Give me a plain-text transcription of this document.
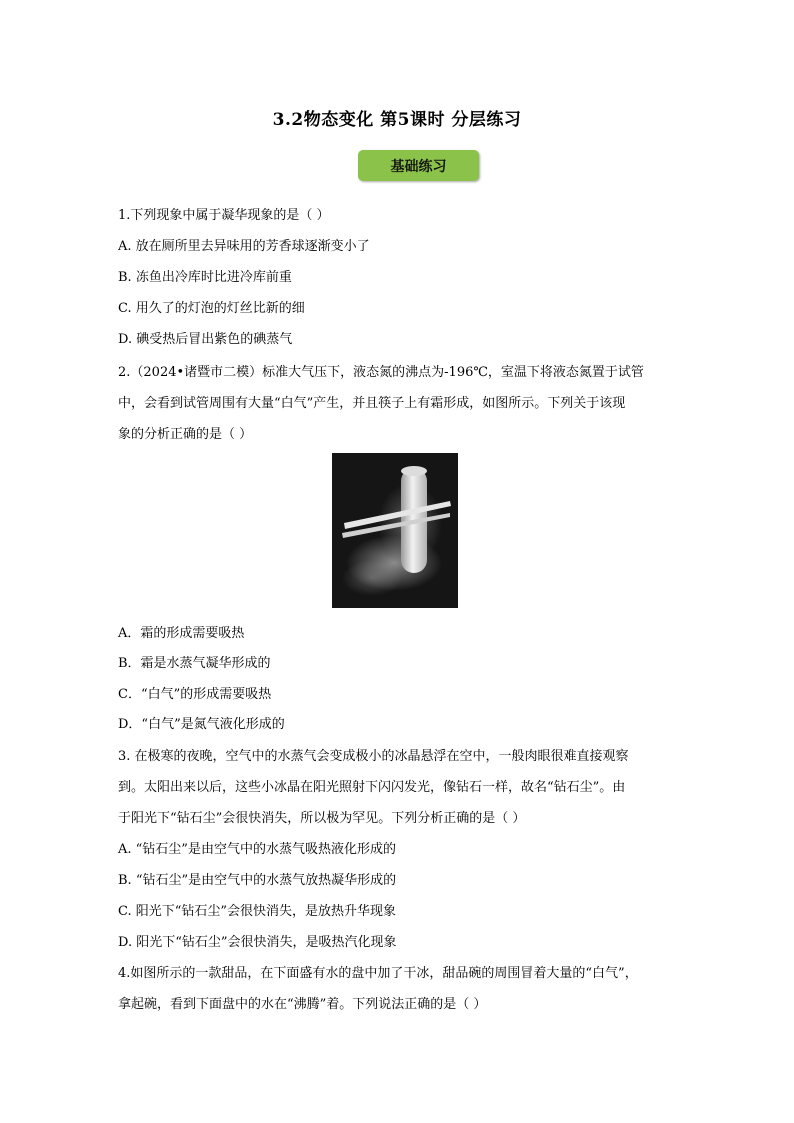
3.2物态变化 第5课时 分层练习
基础练习
1.下列现象中属于凝华现象的是（ ）
A. 放在厕所里去异味用的芳香球逐渐变小了
B. 冻鱼出冷库时比进冷库前重
C. 用久了的灯泡的灯丝比新的细
D. 碘受热后冒出紫色的碘蒸气
2.（2024•诸暨市二模）标准大气压下，液态氮的沸点为-196℃，室温下将液态氮置于试管
中，会看到试管周围有大量“白气”产生，并且筷子上有霜形成，如图所示。下列关于该现
象的分析正确的是（ ）
A．霜的形成需要吸热
B．霜是水蒸气凝华形成的
C．“白气”的形成需要吸热
D．“白气”是氮气液化形成的
3. 在极寒的夜晚，空气中的水蒸气会变成极小的冰晶悬浮在空中，一般肉眼很难直接观察
到。太阳出来以后，这些小冰晶在阳光照射下闪闪发光，像钻石一样，故名“钻石尘”。由
于阳光下“钻石尘”会很快消失，所以极为罕见。下列分析正确的是（ ）
A. “钻石尘”是由空气中的水蒸气吸热液化形成的
B. “钻石尘”是由空气中的水蒸气放热凝华形成的
C. 阳光下“钻石尘”会很快消失，是放热升华现象
D. 阳光下“钻石尘”会很快消失，是吸热汽化现象
4.如图所示的一款甜品，在下面盛有水的盘中加了干冰，甜品碗的周围冒着大量的“白气”，
拿起碗，看到下面盘中的水在“沸腾”着。下列说法正确的是（ ）
